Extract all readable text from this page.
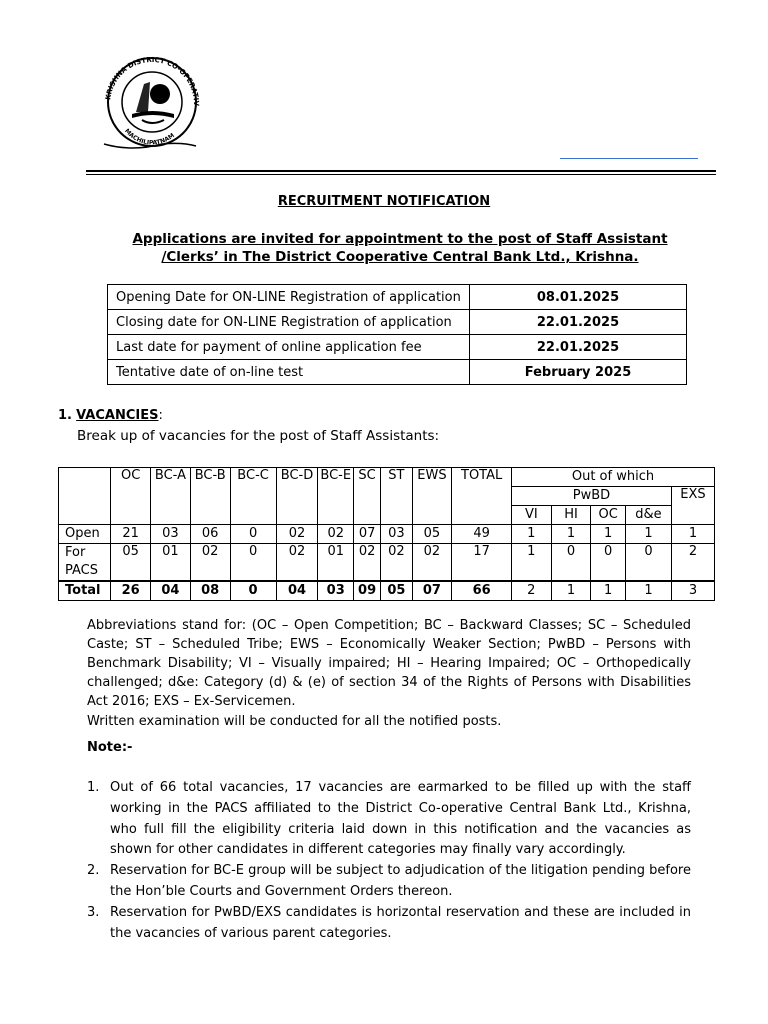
KRISHNA DISTRICT CO-OPERATIV
MACHILIPATNAM
RECRUITMENT NOTIFICATION
Applications are invited for appointment to the post of Staff Assistant
/Clerks’ in The District Cooperative Central Bank Ltd., Krishna.
Opening Date for ON-LINE Registration of application	08.01.2025
Closing date for ON-LINE Registration of application	22.01.2025
Last date for payment of online application fee	22.01.2025
Tentative date of on-line test	February 2025
1. VACANCIES:
Break up of vacancies for the post of Staff Assistants:
	OC	BC-A	BC-B	BC-C	BC-D	BC-E	SC	ST	EWS	TOTAL	Out of which				
											PwBD				EXS
											VI	HI	OC	d&e	
Open	21	03	06	0	02	02	07	03	05	49	1	1	1	1	1
For PACS	05	01	02	0	02	01	02	02	02	17	1	0	0	0	2
Total	26	04	08	0	04	03	09	05	07	66	2	1	1	1	3
Abbreviations stand for: (OC – Open Competition; BC – Backward Classes; SC – Scheduled Caste; ST – Scheduled Tribe; EWS – Economically Weaker Section; PwBD – Persons with Benchmark Disability; VI – Visually impaired; HI – Hearing Impaired; OC – Orthopedically challenged; d&e: Category (d) & (e) of section 34 of the Rights of Persons with Disabilities Act 2016; EXS – Ex-Servicemen.
Written examination will be conducted for all the notified posts.
Note:-
1. Out of 66 total vacancies, 17 vacancies are earmarked to be filled up with the staff working in the PACS affiliated to the District Co-operative Central Bank Ltd., Krishna, who full fill the eligibility criteria laid down in this notification and the vacancies as shown for other candidates in different categories may finally vary accordingly.
2. Reservation for BC-E group will be subject to adjudication of the litigation pending before the Hon’ble Courts and Government Orders thereon.
3. Reservation for PwBD/EXS candidates is horizontal reservation and these are included in the vacancies of various parent categories.
